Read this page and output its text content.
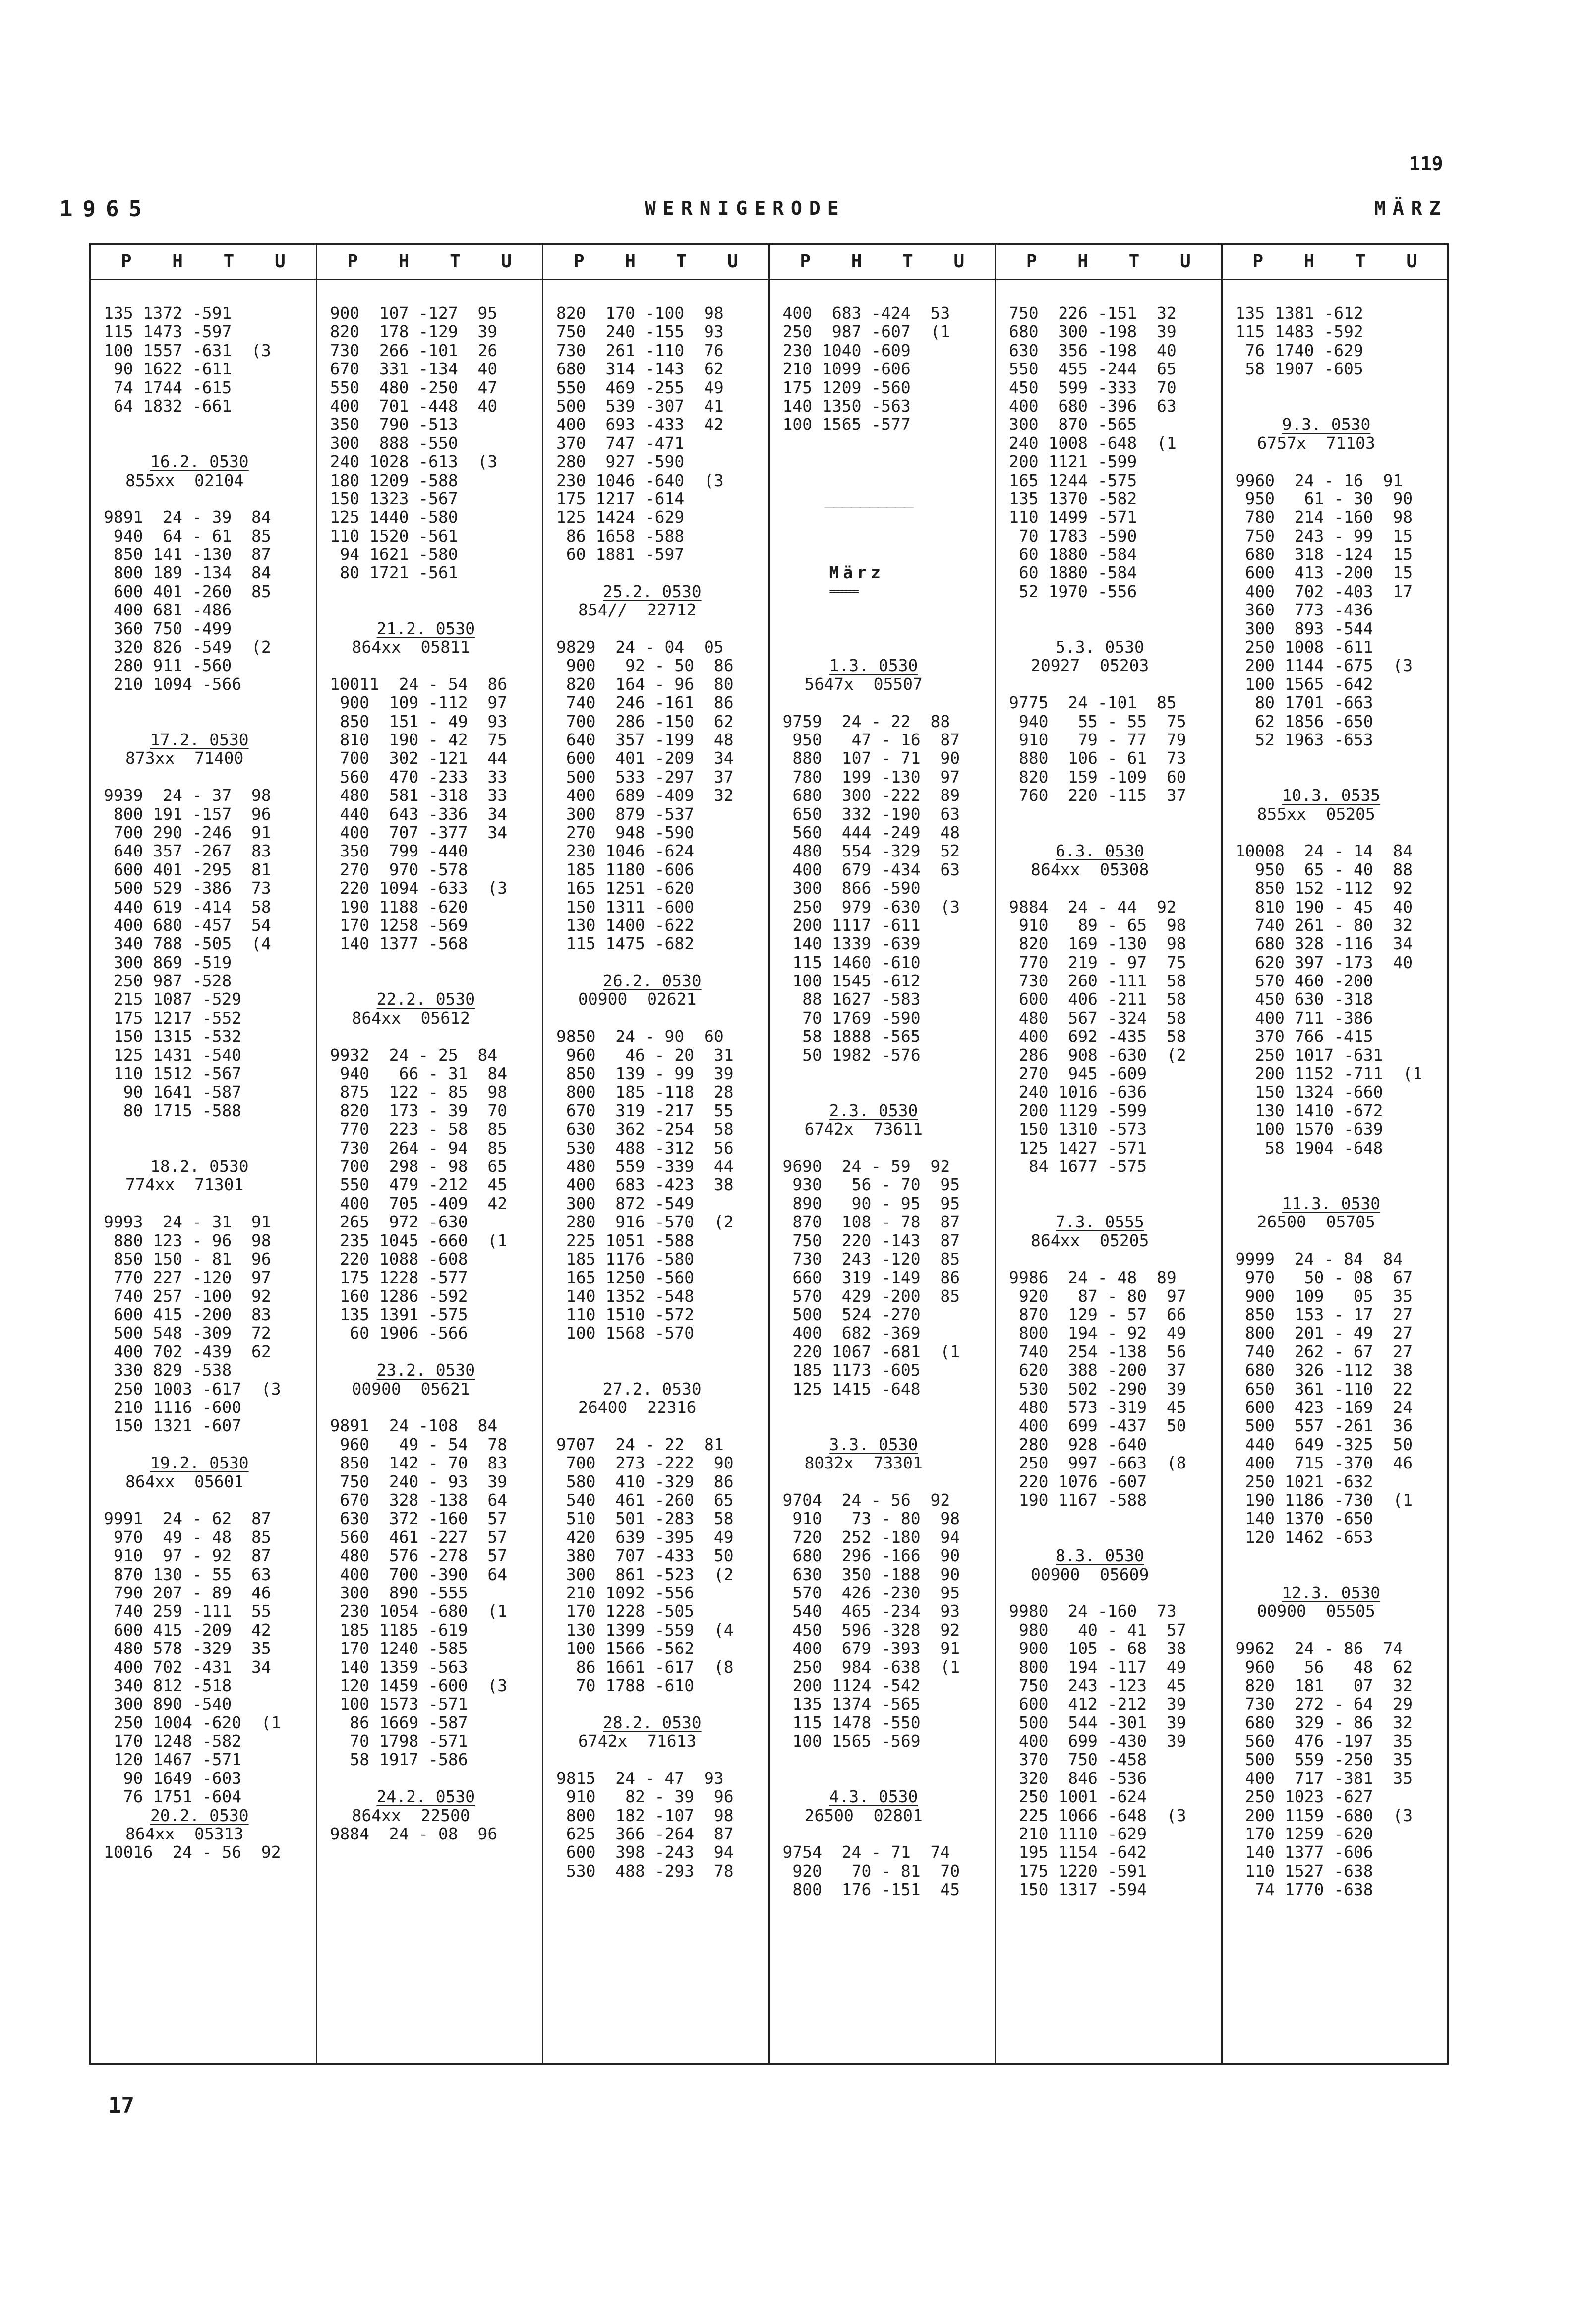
119
1965	WERNIGERODE	MÄRZ
P H T U
135 1372 -591
115 1473 -597
100 1557 -631  (3
90 1622 -611
74 1744 -615
64 1832 -661
16.2. 0530
855xx  02104
9891  24 - 39  84
940  64 - 61  85
850 141 -130  87
800 189 -134  84
600 401 -260  85
400 681 -486
360 750 -499
320 826 -549  (2
280 911 -560
210 1094 -566
17.2. 0530
873xx  71400
9939  24 - 37  98
800 191 -157  96
700 290 -246  91
640 357 -267  83
600 401 -295  81
500 529 -386  73
440 619 -414  58
400 680 -457  54
340 788 -505  (4
300 869 -519
250 987 -528
215 1087 -529
175 1217 -552
150 1315 -532
125 1431 -540
110 1512 -567
90 1641 -587
80 1715 -588
18.2. 0530
774xx  71301
9993  24 - 31  91
880 123 - 96  98
850 150 - 81  96
770 227 -120  97
740 257 -100  92
600 415 -200  83
500 548 -309  72
400 702 -439  62
330 829 -538
250 1003 -617  (3
210 1116 -600
150 1321 -607
19.2. 0530
864xx  05601
9991  24 - 62  87
970  49 - 48  85
910  97 - 92  87
870 130 - 55  63
790 207 - 89  46
740 259 -111  55
600 415 -209  42
480 578 -329  35
400 702 -431  34
340 812 -518
300 890 -540
250 1004 -620  (1
170 1248 -582
120 1467 -571
90 1649 -603
76 1751 -604
20.2. 0530
864xx  05313
10016  24 - 56  92
P H T U
900  107 -127  95
820  178 -129  39
730  266 -101  26
670  331 -134  40
550  480 -250  47
400  701 -448  40
350  790 -513
300  888 -550
240 1028 -613  (3
180 1209 -588
150 1323 -567
125 1440 -580
110 1520 -561
94 1621 -580
80 1721 -561
21.2. 0530
864xx  05811
10011  24 - 54  86
900  109 -112  97
850  151 - 49  93
810  190 - 42  75
700  302 -121  44
560  470 -233  33
480  581 -318  33
440  643 -336  34
400  707 -377  34
350  799 -440
270  970 -578
220 1094 -633  (3
190 1188 -620
170 1258 -569
140 1377 -568
22.2. 0530
864xx  05612
9932  24 - 25  84
940   66 - 31  84
875  122 - 85  98
820  173 - 39  70
770  223 - 58  85
730  264 - 94  85
700  298 - 98  65
550  479 -212  45
400  705 -409  42
265  972 -630
235 1045 -660  (1
220 1088 -608
175 1228 -577
160 1286 -592
135 1391 -575
60 1906 -566
23.2. 0530
00900  05621
9891  24 -108  84
960   49 - 54  78
850  142 - 70  83
750  240 - 93  39
670  328 -138  64
630  372 -160  57
560  461 -227  57
480  576 -278  57
400  700 -390  64
300  890 -555
230 1054 -680  (1
185 1185 -619
170 1240 -585
140 1359 -563
120 1459 -600  (3
100 1573 -571
86 1669 -587
70 1798 -571
58 1917 -586
24.2. 0530
864xx  22500
9884  24 - 08  96
P H T U
820  170 -100  98
750  240 -155  93
730  261 -110  76
680  314 -143  62
550  469 -255  49
500  539 -307  41
400  693 -433  42
370  747 -471
280  927 -590
230 1046 -640  (3
175 1217 -614
125 1424 -629
86 1658 -588
60 1881 -597
25.2. 0530
854//  22712
9829  24 - 04  05
900   92 - 50  86
820  164 - 96  80
740  246 -161  86
700  286 -150  62
640  357 -199  48
600  401 -209  34
500  533 -297  37
400  689 -409  32
300  879 -537
270  948 -590
230 1046 -624
185 1180 -606
165 1251 -620
150 1311 -600
130 1400 -622
115 1475 -682
26.2. 0530
00900  02621
9850  24 - 90  60
960   46 - 20  31
850  139 - 99  39
800  185 -118  28
670  319 -217  55
630  362 -254  58
530  488 -312  56
480  559 -339  44
400  683 -423  38
300  872 -549
280  916 -570  (2
225 1051 -588
185 1176 -580
165 1250 -560
140 1352 -548
110 1510 -572
100 1568 -570
27.2. 0530
26400  22316
9707  24 - 22  81
700  273 -222  90
580  410 -329  86
540  461 -260  65
510  501 -283  58
420  639 -395  49
380  707 -433  50
300  861 -523  (2
210 1092 -556
170 1228 -505
130 1399 -559  (4
100 1566 -562
86 1661 -617  (8
70 1788 -610
28.2. 0530
6742x  71613
9815  24 - 47  93
910   82 - 39  96
800  182 -107  98
625  366 -264  87
600  398 -243  94
530  488 -293  78
P H T U
400  683 -424  53
250  987 -607  (1
230 1040 -609
210 1099 -606
175 1209 -560
140 1350 -563
100 1565 -577
__________
März
=======
1.3. 0530
5647x  05507
9759  24 - 22  88
950   47 - 16  87
880  107 - 71  90
780  199 -130  97
680  300 -222  89
650  332 -190  63
560  444 -249  48
480  554 -329  52
400  679 -434  63
300  866 -590
250  979 -630  (3
200 1117 -611
140 1339 -639
115 1460 -610
100 1545 -612
88 1627 -583
70 1769 -590
58 1888 -565
50 1982 -576
2.3. 0530
6742x  73611
9690  24 - 59  92
930   56 - 70  95
890   90 - 95  95
870  108 - 78  87
750  220 -143  87
730  243 -120  85
660  319 -149  86
570  429 -200  85
500  524 -270
400  682 -369
220 1067 -681  (1
185 1173 -605
125 1415 -648
3.3. 0530
8032x  73301
9704  24 - 56  92
910   73 - 80  98
720  252 -180  94
680  296 -166  90
630  350 -188  90
570  426 -230  95
540  465 -234  93
450  596 -328  92
400  679 -393  91
250  984 -638  (1
200 1124 -542
135 1374 -565
115 1478 -550
100 1565 -569
4.3. 0530
26500  02801
9754  24 - 71  74
920   70 - 81  70
800  176 -151  45
P H T U
750  226 -151  32
680  300 -198  39
630  356 -198  40
550  455 -244  65
450  599 -333  70
400  680 -396  63
300  870 -565
240 1008 -648  (1
200 1121 -599
165 1244 -575
135 1370 -582
110 1499 -571
70 1783 -590
60 1880 -584
60 1880 -584
52 1970 -556
5.3. 0530
20927  05203
9775  24 -101  85
940   55 - 55  75
910   79 - 77  79
880  106 - 61  73
820  159 -109  60
760  220 -115  37
6.3. 0530
864xx  05308
9884  24 - 44  92
910   89 - 65  98
820  169 -130  98
770  219 - 97  75
730  260 -111  58
600  406 -211  58
480  567 -324  58
400  692 -435  58
286  908 -630  (2
270  945 -609
240 1016 -636
200 1129 -599
150 1310 -573
125 1427 -571
84 1677 -575
7.3. 0555
864xx  05205
9986  24 - 48  89
920   87 - 80  97
870  129 - 57  66
800  194 - 92  49
740  254 -138  56
620  388 -200  37
530  502 -290  39
480  573 -319  45
400  699 -437  50
280  928 -640
250  997 -663  (8
220 1076 -607
190 1167 -588
8.3. 0530
00900  05609
9980  24 -160  73
980   40 - 41  57
900  105 - 68  38
800  194 -117  49
750  243 -123  45
600  412 -212  39
500  544 -301  39
400  699 -430  39
370  750 -458
320  846 -536
250 1001 -624
225 1066 -648  (3
210 1110 -629
195 1154 -642
175 1220 -591
150 1317 -594
P H T U
135 1381 -612
115 1483 -592
76 1740 -629
58 1907 -605
9.3. 0530
6757x  71103
9960  24 - 16  91
950   61 - 30  90
780  214 -160  98
750  243 - 99  15
680  318 -124  15
600  413 -200  15
400  702 -403  17
360  773 -436
300  893 -544
250 1008 -611
200 1144 -675  (3
100 1565 -642
80 1701 -663
62 1856 -650
52 1963 -653
10.3. 0535
855xx  05205
10008  24 - 14  84
950  65 - 40  88
850 152 -112  92
810 190 - 45  40
740 261 - 80  32
680 328 -116  34
620 397 -173  40
570 460 -200
450 630 -318
400 711 -386
370 766 -415
250 1017 -631
200 1152 -711  (1
150 1324 -660
130 1410 -672
100 1570 -639
58 1904 -648
11.3. 0530
26500  05705
9999  24 - 84  84
970   50 - 08  67
900  109   05  35
850  153 - 17  27
800  201 - 49  27
740  262 - 67  27
680  326 -112  38
650  361 -110  22
600  423 -169  24
500  557 -261  36
440  649 -325  50
400  715 -370  46
250 1021 -632
190 1186 -730  (1
140 1370 -650
120 1462 -653
12.3. 0530
00900  05505
9962  24 - 86  74
960   56   48  62
820  181   07  32
730  272 - 64  29
680  329 - 86  32
560  476 -197  35
500  559 -250  35
400  717 -381  35
250 1023 -627
200 1159 -680  (3
170 1259 -620
140 1377 -606
110 1527 -638
74 1770 -638
17
